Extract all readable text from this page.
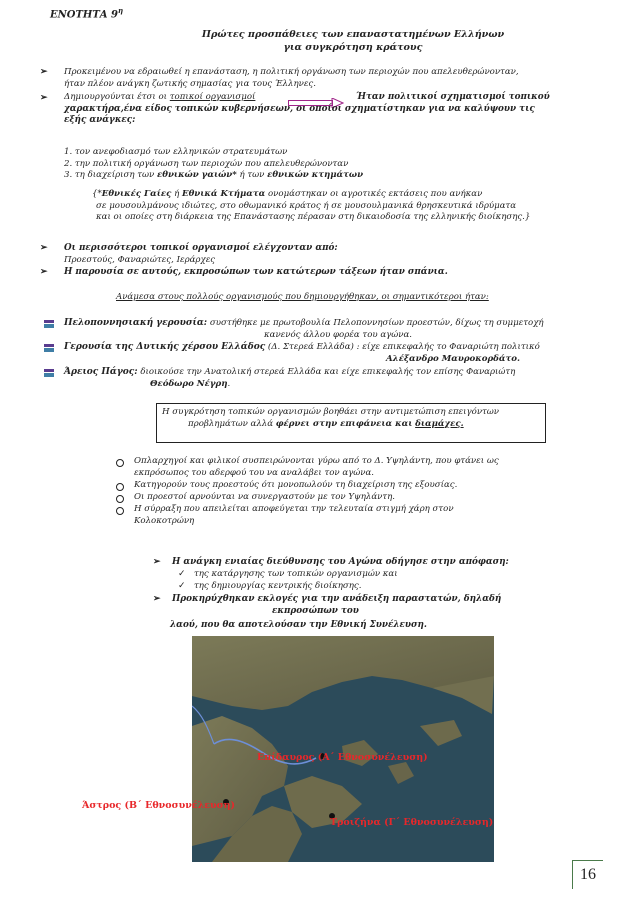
ΕΝΟΤΗΤΑ $9^\eta$
Πρώτες προσπάθειες των επαναστατημένων Ελλήνων
για συγκρότηση κράτους
➢ Προκειμένου να εδραιωθεί η επανάσταση, η πολιτική οργάνωση των περιοχών που απελευθερώνονταν,
ήταν πλέον ανάγκη ζωτικής σημασίας για τους Έλληνες.
➢ Δημιουργούνται έτσι οι τοπικοί οργανισμοί	Ήταν πολιτικοί σχηματισμοί τοπικού
χαρακτήρα,ένα είδος τοπικών κυβερνήσεων, οι οποίοι σχηματίστηκαν για να καλύψουν τις
εξής ανάγκες:
1. τον ανεφοδιασμό των ελληνικών στρατευμάτων
2. την πολιτική οργάνωση των περιοχών που απελευθερώνονταν
3. τη διαχείριση των εθνικών γαιών* ή των εθνικών κτημάτων
{*Εθνικές Γαίες ή Εθνικά Κτήματα ονομάστηκαν οι αγροτικές εκτάσεις που ανήκαν
σε μουσουλμάνους ιδιώτες, στο οθωμανικό κράτος ή σε μουσουλμανικά θρησκευτικά ιδρύματα
και οι οποίες στη διάρκεια της Επανάστασης πέρασαν στη δικαιοδοσία της ελληνικής διοίκησης.}
➢ Οι περισσότεροι τοπικοί οργανισμοί ελέγχονταν από:
Προεστούς, Φαναριώτες, Ιεράρχες
➢ Η παρουσία σε αυτούς, εκπροσώπων των κατώτερων τάξεων ήταν σπάνια.
Ανάμεσα στους πολλούς οργανισμούς που δημιουργήθηκαν, οι σημαντικότεροι ήταν:
Πελοποννησιακή γερουσία: συστήθηκε με πρωτοβουλία Πελοποννησίων προεστών, δίχως τη συμμετοχή
κανενός άλλου φορέα του αγώνα.
Γερουσία της Δυτικής χέρσου Ελλάδος (Δ. Στερεά Ελλάδα) : είχε επικεφαλής το Φαναριώτη πολιτικό
Αλέξανδρο Μαυροκορδάτο.
Άρειος Πάγος: διοικούσε την Ανατολική στερεά Ελλάδα και είχε επικεφαλής τον επίσης Φαναριώτη
Θεόδωρο Νέγρη.
Η συγκρότηση τοπικών οργανισμών βοηθάει στην αντιμετώπιση επειγόντων
προβλημάτων αλλά φέρνει στην επιφάνεια και διαμάχες.
Οπλαρχηγοί και φιλικοί συσπειρώνονται γύρω από το Δ. Υψηλάντη, που φτάνει ως
εκπρόσωπος του αδερφού του να αναλάβει τον αγώνα.
Κατηγορούν τους προεστούς ότι μονοπωλούν τη διαχείριση της εξουσίας.
Οι προεστοί αρνούνται να συνεργαστούν με τον Υψηλάντη.
Η σύρραξη που απειλείται αποφεύγεται την τελευταία στιγμή χάρη στον
Κολοκοτρώνη
➢ Η ανάγκη ενιαίας διεύθυνσης του Αγώνα οδήγησε στην απόφαση:
✓ της κατάργησης των τοπικών οργανισμών και
✓ της δημιουργίας κεντρικής διοίκησης.
➢ Προκηρύχθηκαν εκλογές για την ανάδειξη παραστατών, δηλαδή
εκπροσώπων του
λαού, που θα αποτελούσαν την Εθνική Συνέλευση.
Επίδαυρος (Α΄ Εθνοσυνέλευση)
Άστρος (Β΄ Εθνοσυνέλευση)
Τροιζήνα (Γ΄ Εθνοσυνέλευση)
16
